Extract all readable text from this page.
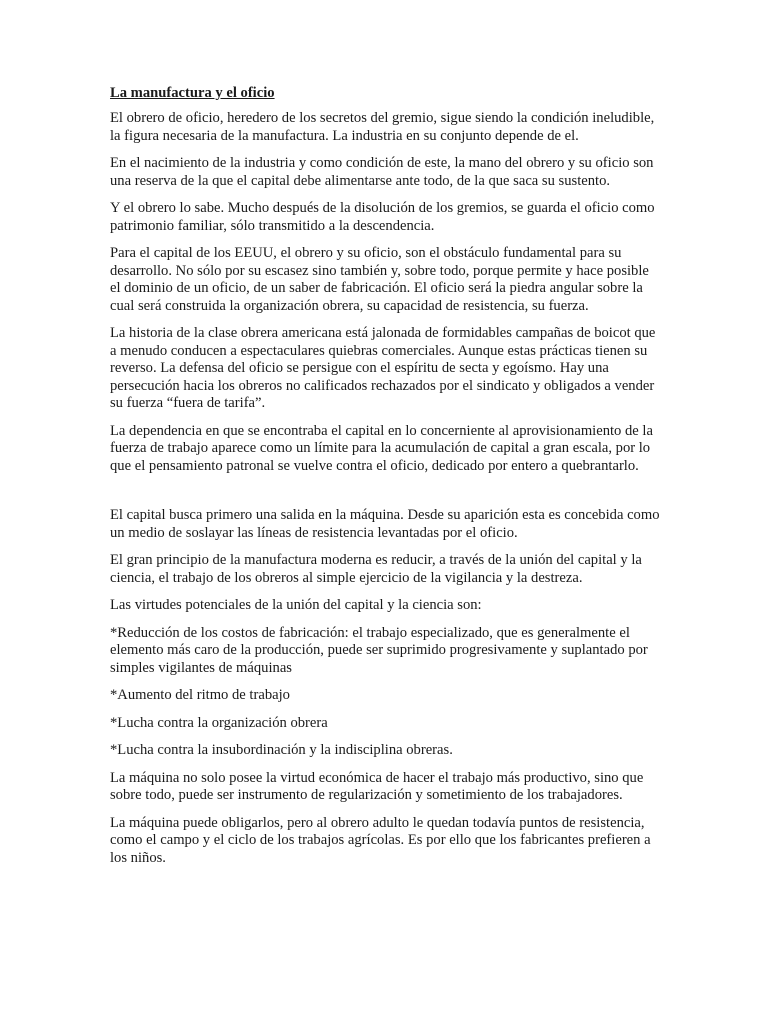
La manufactura y el oficio

El obrero de oficio, heredero de los secretos del gremio, sigue siendo la condición ineludible, la figura necesaria de la manufactura. La industria en su conjunto depende de el.

En el nacimiento de la industria y como condición de este, la mano del obrero y su oficio son una reserva de la que el capital debe alimentarse ante todo, de la que saca su sustento.

Y el obrero lo sabe. Mucho después de la disolución de los gremios, se guarda el oficio como patrimonio familiar, sólo transmitido a la descendencia.

Para el capital de los EEUU, el obrero y su oficio, son el obstáculo fundamental para su desarrollo. No sólo por su escasez sino también y, sobre todo, porque permite y hace posible el dominio de un oficio, de un saber de fabricación. El oficio será la piedra angular sobre la cual será construida la organización obrera, su capacidad de resistencia, su fuerza.

La historia de la clase obrera americana está jalonada de formidables campañas de boicot que a menudo conducen a espectaculares quiebras comerciales. Aunque estas prácticas tienen su reverso. La defensa del oficio se persigue con el espíritu de secta y egoísmo. Hay una persecución hacia los obreros no calificados rechazados por el sindicato y obligados a vender su fuerza “fuera de tarifa”.

La dependencia en que se encontraba el capital en lo concerniente al aprovisionamiento de la fuerza de trabajo aparece como un límite para la acumulación de capital a gran escala, por lo que el pensamiento patronal se vuelve contra el oficio, dedicado por entero a quebrantarlo.

El capital busca primero una salida en la máquina. Desde su aparición esta es concebida como un medio de soslayar las líneas de resistencia levantadas por el oficio.

El gran principio de la manufactura moderna es reducir, a través de la unión del capital y la ciencia, el trabajo de los obreros al simple ejercicio de la vigilancia y la destreza.

Las virtudes potenciales de la unión del capital y la ciencia son:

*Reducción de los costos de fabricación: el trabajo especializado, que es generalmente el elemento más caro de la producción, puede ser suprimido progresivamente y suplantado por simples vigilantes de máquinas

*Aumento del ritmo de trabajo

*Lucha contra la organización obrera

*Lucha contra la insubordinación y la indisciplina obreras.

La máquina no solo posee la virtud económica de hacer el trabajo más productivo, sino que sobre todo, puede ser instrumento de regularización y sometimiento de los trabajadores.

La máquina puede obligarlos, pero al obrero adulto le quedan todavía puntos de resistencia, como el campo y el ciclo de los trabajos agrícolas. Es por ello que los fabricantes prefieren a los niños.
